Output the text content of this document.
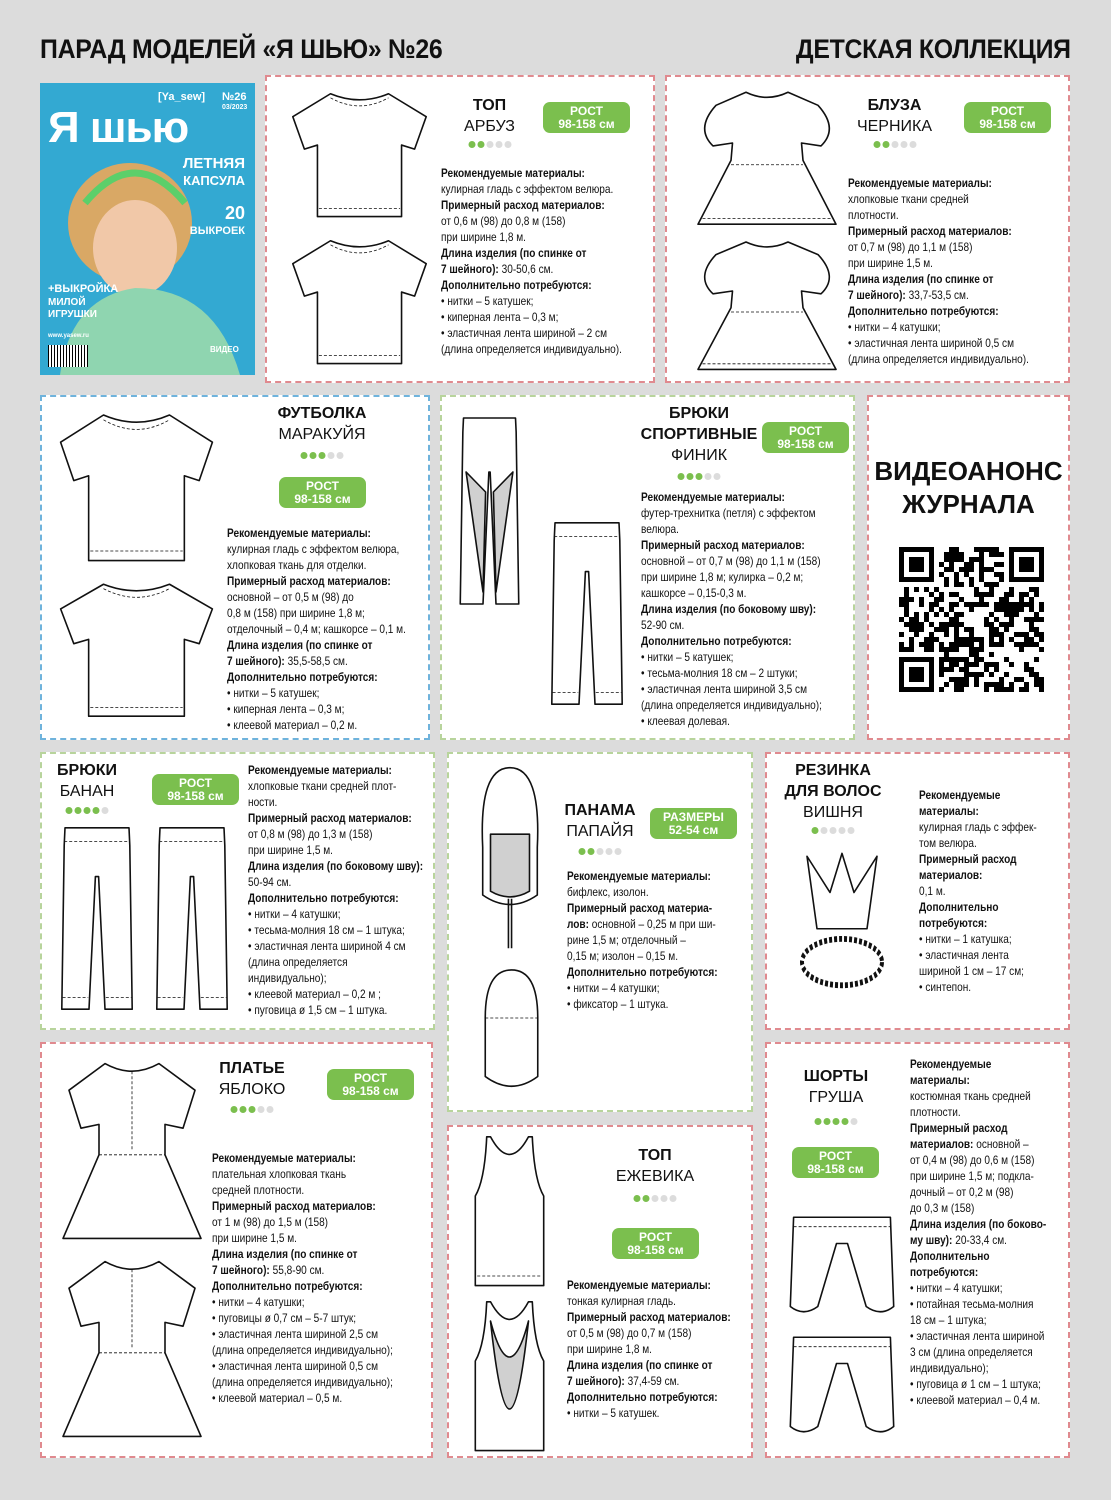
ПАРАД МОДЕЛЕЙ «Я ШЬЮ» №26	ДЕТСКАЯ КОЛЛЕКЦИЯ
Я шью
[Ya_sew] №26
03/2023
ЛЕТНЯЯ
КАПСУЛА
20
ВЫКРОЕК
+ВЫКРОЙКА
МИЛОЙ
ИГРУШКИ
www.yasew.ru
ВИДЕО
ВИДЕОАНОНС
ЖУРНАЛА
ТОП
АРБУЗ
РОСТ
98-158 см
Рекомендуемые материалы:
кулирная гладь с эффектом велюра.
Примерный расход материалов:
от 0,6 м (98) до 0,8 м (158)
при ширине 1,8 м.
Длина изделия (по спинке от
7 шейного): 30-50,6 см.
Дополнительно потребуются:
• нитки – 5 катушек;
• киперная лента – 0,3 м;
• эластичная лента шириной – 2 см
(длина определяется индивидуально).
БЛУЗА
ЧЕРНИКА
РОСТ
98-158 см
Рекомендуемые материалы:
хлопковые ткани средней
плотности.
Примерный расход материалов:
от 0,7 м (98) до 1,1 м (158)
при ширине 1,5 м.
Длина изделия (по спинке от
7 шейного): 33,7-53,5 см.
Дополнительно потребуются:
• нитки – 4 катушки;
• эластичная лента шириной 0,5 см
(длина определяется индивидуально).
ФУТБОЛКА
МАРАКУЙЯ
РОСТ
98-158 см
Рекомендуемые материалы:
кулирная гладь с эффектом велюра,
хлопковая ткань для отделки.
Примерный расход материалов:
основной – от 0,5 м (98) до
0,8 м (158) при ширине 1,8 м;
отделочный – 0,4 м; кашкорсе – 0,1 м.
Длина изделия (по спинке от
7 шейного): 35,5-58,5 см.
Дополнительно потребуются:
• нитки – 5 катушек;
• киперная лента – 0,3 м;
• клеевой материал – 0,2 м.
БРЮКИ
СПОРТИВНЫЕ
ФИНИК
РОСТ
98-158 см
Рекомендуемые материалы:
футер-трехнитка (петля) с эффектом
велюра.
Примерный расход материалов:
основной – от 0,7 м (98) до 1,1 м (158)
при ширине 1,8 м; кулирка – 0,2 м;
кашкорсе – 0,15-0,3 м.
Длина изделия (по боковому шву):
52-90 см.
Дополнительно потребуются:
• нитки – 5 катушек;
• тесьма-молния 18 см – 2 штуки;
• эластичная лента шириной 3,5 см
(длина определяется индивидуально);
• клеевая долевая.
БРЮКИ
БАНАН	РОСТ
98-158 см
Рекомендуемые материалы:
хлопковые ткани средней плот-
ности.
Примерный расход материалов:
от 0,8 м (98) до 1,3 м (158)
при ширине 1,5 м.
Длина изделия (по боковому шву):
50-94 см.
Дополнительно потребуются:
• нитки – 4 катушки;
• тесьма-молния 18 см – 1 штука;
• эластичная лента шириной 4 см
(длина определяется
индивидуально);
• клеевой материал – 0,2 м ;
• пуговица ø 1,5 см – 1 штука.
ПАНАМА
ПАПАЙЯ
РАЗМЕРЫ
52-54 см
Рекомендуемые материалы:
бифлекс, изолон.
Примерный расход материа-
лов: основной – 0,25 м при ши-
рине 1,5 м; отделочный –
0,15 м; изолон – 0,15 м.
Дополнительно потребуются:
• нитки – 4 катушки;
• фиксатор – 1 штука.
РЕЗИНКА
ДЛЯ ВОЛОС
ВИШНЯ
Рекомендуемые
материалы:
кулирная гладь с эффек-
том велюра.
Примерный расход
материалов:
0,1 м.
Дополнительно
потребуются:
• нитки – 1 катушка;
• эластичная лента
шириной 1 см – 17 см;
• синтепон.
ПЛАТЬЕ
ЯБЛОКО
РОСТ
98-158 см
Рекомендуемые материалы:
плательная хлопковая ткань
средней плотности.
Примерный расход материалов:
от 1 м (98) до 1,5 м (158)
при ширине 1,5 м.
Длина изделия (по спинке от
7 шейного): 55,8-90 см.
Дополнительно потребуются:
• нитки – 4 катушки;
• пуговицы ø 0,7 см – 5-7 штук;
• эластичная лента шириной 2,5 см
(длина определяется индивидуально);
• эластичная лента шириной 0,5 см
(длина определяется индивидуально);
• клеевой материал – 0,5 м.
ТОП
ЕЖЕВИКА
РОСТ
98-158 см
Рекомендуемые материалы:
тонкая кулирная гладь.
Примерный расход материалов:
от 0,5 м (98) до 0,7 м (158)
при ширине 1,8 м.
Длина изделия (по спинке от
7 шейного): 37,4-59 см.
Дополнительно потребуются:
• нитки – 5 катушек.
ШОРТЫ
ГРУША
РОСТ
98-158 см
Рекомендуемые
материалы:
костюмная ткань средней
плотности.
Примерный расход
материалов: основной –
от 0,4 м (98) до 0,6 м (158)
при ширине 1,5 м; подкла-
дочный – от 0,2 м (98)
до 0,3 м (158)
Длина изделия (по боково-
му шву): 20-33,4 см.
Дополнительно
потребуются:
• нитки – 4 катушки;
• потайная тесьма-молния
18 см – 1 штука;
• эластичная лента шириной
3 см (длина определяется
индивидуально);
• пуговица ø 1 см – 1 штука;
• клеевой материал – 0,4 м.
